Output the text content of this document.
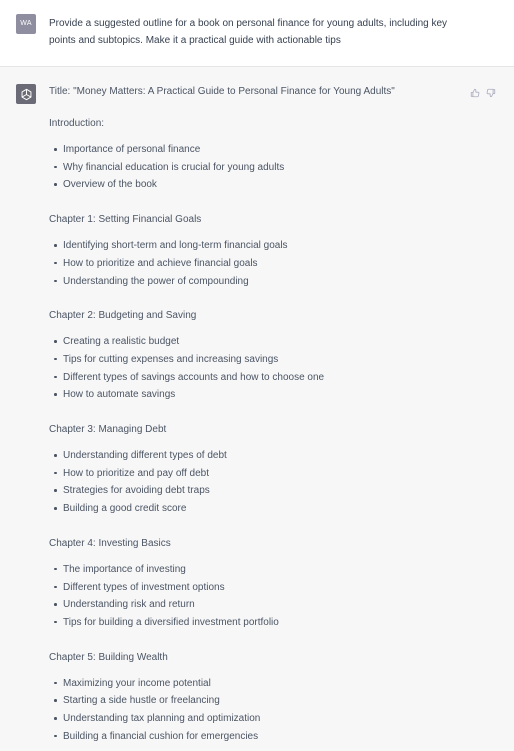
WA	Provide a suggested outline for a book on personal finance for young adults, including key points and subtopics. Make it a practical guide with actionable tips
Title: "Money Matters: A Practical Guide to Personal Finance for Young Adults"
Introduction:
Importance of personal finance
Why financial education is crucial for young adults
Overview of the book
Chapter 1: Setting Financial Goals
Identifying short-term and long-term financial goals
How to prioritize and achieve financial goals
Understanding the power of compounding
Chapter 2: Budgeting and Saving
Creating a realistic budget
Tips for cutting expenses and increasing savings
Different types of savings accounts and how to choose one
How to automate savings
Chapter 3: Managing Debt
Understanding different types of debt
How to prioritize and pay off debt
Strategies for avoiding debt traps
Building a good credit score
Chapter 4: Investing Basics
The importance of investing
Different types of investment options
Understanding risk and return
Tips for building a diversified investment portfolio
Chapter 5: Building Wealth
Maximizing your income potential
Starting a side hustle or freelancing
Understanding tax planning and optimization
Building a financial cushion for emergencies
